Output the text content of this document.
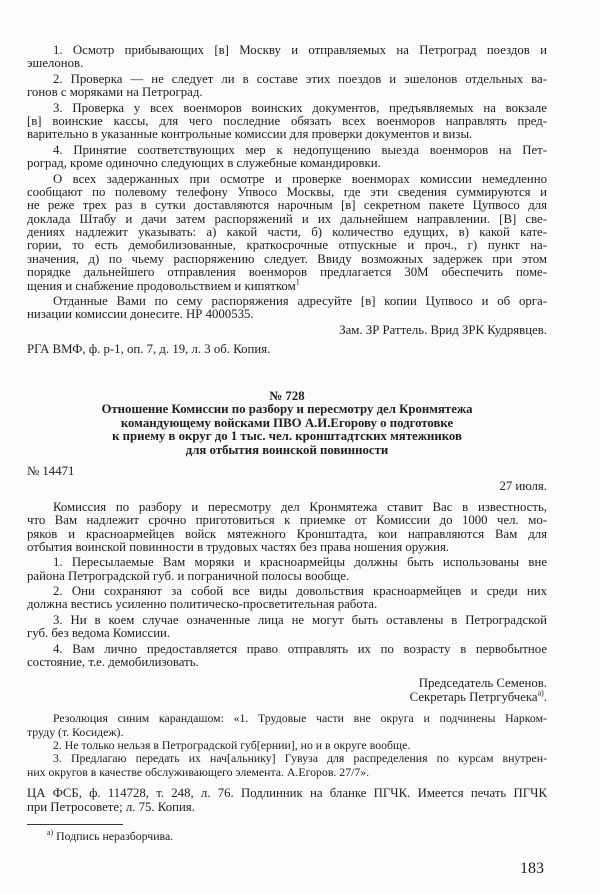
1. Осмотр прибывающих [в] Москву и отправляемых на Петроград поездов и
эшелонов.
2. Проверка — не следует ли в составе этих поездов и эшелонов отдельных ва-
гонов с моряками на Петроград.
3. Проверка у всех военморов воинских документов, предъявляемых на вокзале
[в] воинские кассы, для чего последние обязать всех военморов направлять пред-
варительно в указанные контрольные комиссии для проверки документов и визы.
4. Принятие соответствующих мер к недопущению выезда военморов на Пет-
роград, кроме одиночно следующих в служебные командировки.
О всех задержанных при осмотре и проверке военморах комиссии немедленно
сообщают по полевому телефону Упвосо Москвы, где эти сведения суммируются и
не реже трех раз в сутки доставляются нарочным [в] секретном пакете Цупвосо для
доклада Штабу и дачи затем распоряжений и их дальнейшем направлении. [В] све-
дениях надлежит указывать: а) какой части, б) количество едущих, в) какой кате-
гории, то есть демобилизованные, краткосрочные отпускные и проч., г) пункт на-
значения, д) по чьему распоряжению следует. Ввиду возможных задержек при этом
порядке дальнейшего отправления военморов предлагается 30М обеспечить поме-
щения и снабжение продовольствием и кипятком$^1$
Отданные Вами по сему распоряжения адресуйте [в] копии Цупвосо и об орга-
низации комиссии донесите. НР 4000535.
Зам. ЗР Раттель. Врид ЗРК Кудрявцев.
РГА ВМФ, ф. р-1, оп. 7, д. 19, л. 3 об. Копия.
№ 728
Отношение Комиссии по разбору и пересмотру дел Кронмятежа
командующему войсками ПВО А.И.Егорову о подготовке
к приему в округ до 1 тыс. чел. кронштадтских мятежников
для отбытия воинской повинности
№ 14471
27 июля.
Комиссия по разбору и пересмотру дел Кронмятежа ставит Вас в известность,
что Вам надлежит срочно приготовиться к приемке от Комиссии до 1000 чел. мо-
ряков и красноармейцев войск мятежного Кронштадта, кои направляются Вам для
отбытия воинской повинности в трудовых частях без права ношения оружия.
1. Пересылаемые Вам моряки и красноармейцы должны быть использованы вне
района Петроградской губ. и пограничной полосы вообще.
2. Они сохраняют за собой все виды довольствия красноармейцев и среди них
должна вестись усиленно политическо-просветительная работа.
3. Ни в коем случае означенные лица не могут быть оставлены в Петроградской
губ. без ведома Комиссии.
4. Вам лично предоставляется право отправлять их по возрасту в первобытное
состояние, т.е. демобилизовать.
Председатель Семенов.
Секретарь Петргубчека$^{а)}$.
Резолюция синим карандашом: «1. Трудовые части вне округа и подчинены Нарком-
труду (т. Косидеж).
2. Не только нельзя в Петроградской губ[ернии], но и в округе вообще.
3. Предлагаю передать их нач[альнику] Гувуза для распределения по курсам внутрен-
них округов в качестве обслуживающего элемента. А.Егоров. 27/7».
ЦА ФСБ, ф. 114728, т. 248, л. 76. Подлинник на бланке ПГЧК. Имеется печать ПГЧК
при Петросовете; л. 75. Копия.
$^{а)}$ Подпись неразборчива.
183
